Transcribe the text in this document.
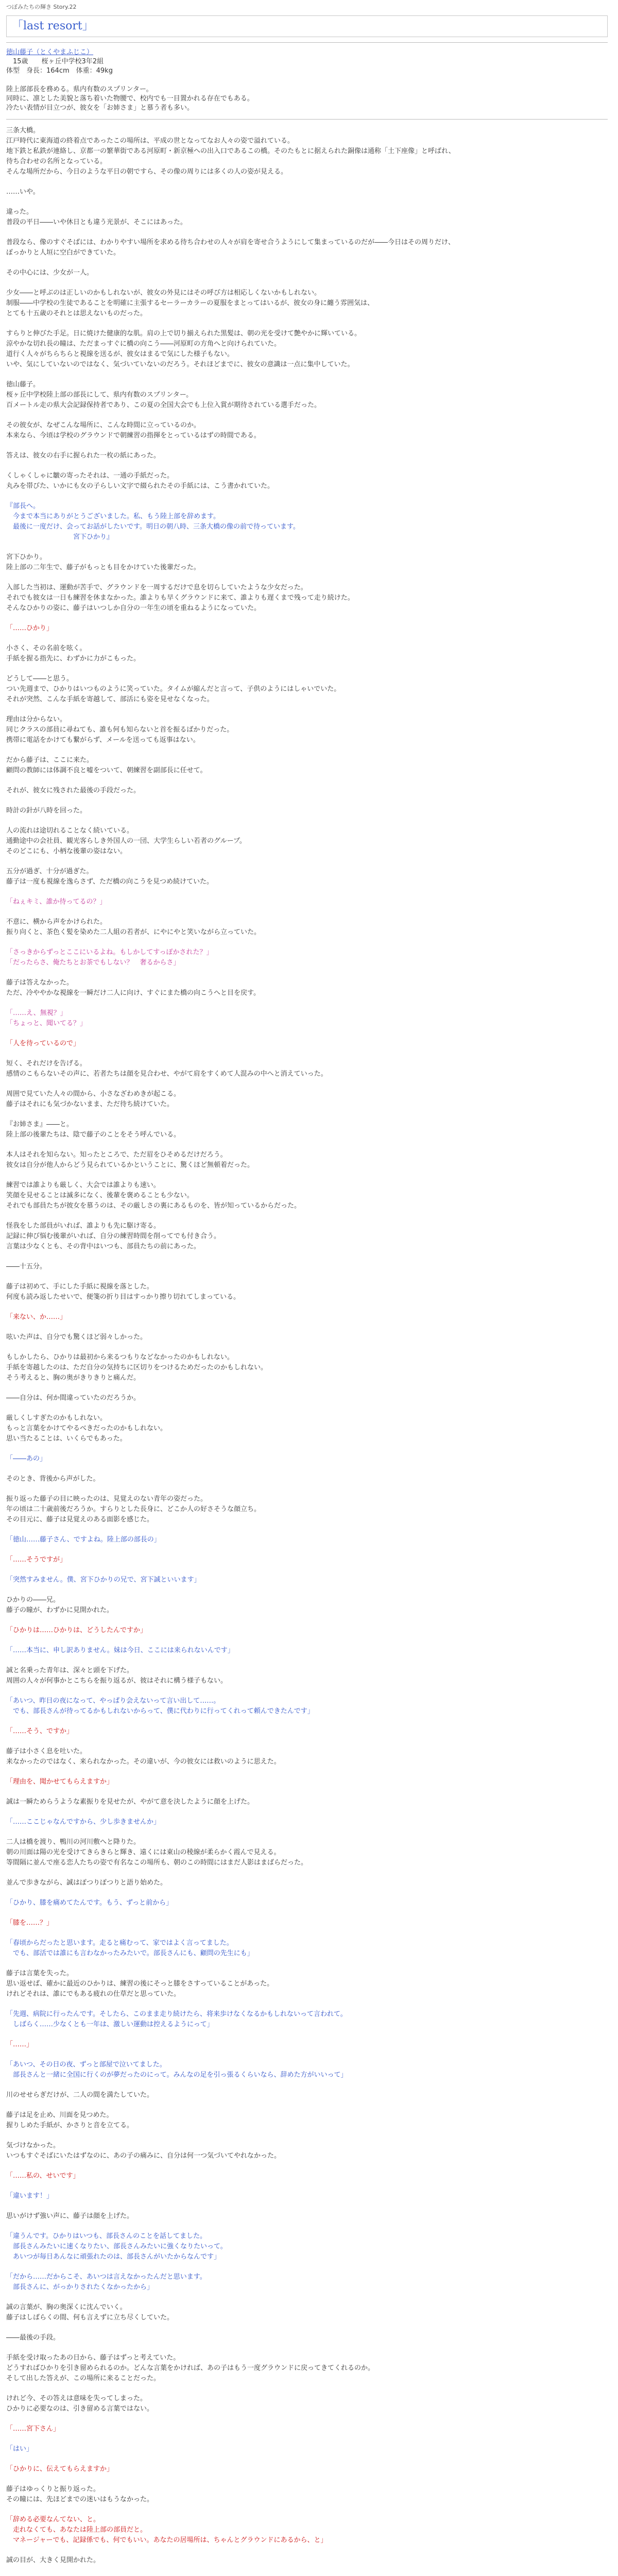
つぼみたちの輝き Story.22
「last resort」
徳山藤子（とくやまふじこ）
　15歳　　桜ヶ丘中学校3年2組
体型　身長：164cm　体重：49kg
陸上部部長を務める。県内有数のスプリンター。
同時に、凛とした美貌と落ち着いた物腰で、校内でも一目置かれる存在でもある。
冷たい表情が目立つが、彼女を「お姉さま」と慕う者も多い。

三条大橋。
江戸時代に東海道の終着点であったこの場所は、平成の世となってなお人々の姿で溢れている。
地下鉄と私鉄が連絡し、京都一の繁華街である河原町・新京極への出入口であるこの橋。そのたもとに据えられた銅像は通称「土下座像」と呼ばれ、
待ち合わせの名所となっている。
そんな場所だから、今日のような平日の朝ですら、その像の周りには多くの人の姿が見える。

……いや。

違った。
普段の平日――いや休日とも違う光景が、そこにはあった。

普段なら、像のすぐそばには、わかりやすい場所を求める待ち合わせの人々が肩を寄せ合うようにして集まっているのだが――今日はその周りだけ、
ぽっかりと人垣に空白ができていた。

その中心には、少女が一人。

少女――と呼ぶのは正しいのかもしれないが、彼女の外見にはその呼び方は相応しくないかもしれない。
制服――中学校の生徒であることを明確に主張するセーラーカラーの夏服をまとってはいるが、彼女の身に纏う雰囲気は、
とても十五歳のそれとは思えないものだった。

すらりと伸びた手足。日に焼けた健康的な肌。肩の上で切り揃えられた黒髪は、朝の光を受けて艶やかに輝いている。
涼やかな切れ長の瞳は、ただまっすぐに橋の向こう――河原町の方角へと向けられていた。
道行く人々がちらちらと視線を送るが、彼女はまるで気にした様子もない。
いや、気にしていないのではなく、気づいていないのだろう。それほどまでに、彼女の意識は一点に集中していた。

徳山藤子。
桜ヶ丘中学校陸上部の部長にして、県内有数のスプリンター。
百メートル走の県大会記録保持者であり、この夏の全国大会でも上位入賞が期待されている選手だった。

その彼女が、なぜこんな場所に、こんな時間に立っているのか。
本来なら、今頃は学校のグラウンドで朝練習の指揮をとっているはずの時間である。

答えは、彼女の右手に握られた一枚の紙にあった。

くしゃくしゃに皺の寄ったそれは、一通の手紙だった。
丸みを帯びた、いかにも女の子らしい文字で綴られたその手紙には、こう書かれていた。

『部長へ。
　今まで本当にありがとうございました。私、もう陸上部を辞めます。
　最後に一度だけ、会ってお話がしたいです。明日の朝八時、三条大橋の像の前で待っています。
　　　　　　　　　　宮下ひかり』

宮下ひかり。
陸上部の二年生で、藤子がもっとも目をかけていた後輩だった。

入部した当初は、運動が苦手で、グラウンドを一周するだけで息を切らしていたような少女だった。
それでも彼女は一日も練習を休まなかった。誰よりも早くグラウンドに来て、誰よりも遅くまで残って走り続けた。
そんなひかりの姿に、藤子はいつしか自分の一年生の頃を重ねるようになっていた。

「……ひかり」

小さく、その名前を呟く。
手紙を握る指先に、わずかに力がこもった。

どうして――と思う。
つい先週まで、ひかりはいつものように笑っていた。タイムが縮んだと言って、子供のようにはしゃいでいた。
それが突然、こんな手紙を寄越して、部活にも姿を見せなくなった。

理由は分からない。
同じクラスの部員に尋ねても、誰も何も知らないと首を振るばかりだった。
携帯に電話をかけても繋がらず、メールを送っても返事はない。

だから藤子は、ここに来た。
顧問の教師には体調不良と嘘をついて、朝練習を副部長に任せて。

それが、彼女に残された最後の手段だった。

時計の針が八時を回った。

人の流れは途切れることなく続いている。
通勤途中の会社員、観光客らしき外国人の一団、大学生らしい若者のグループ。
そのどこにも、小柄な後輩の姿はない。

五分が過ぎ、十分が過ぎた。
藤子は一度も視線を逸らさず、ただ橋の向こうを見つめ続けていた。

「ねぇキミ、誰か待ってるの？」

不意に、横から声をかけられた。
振り向くと、茶色く髪を染めた二人組の若者が、にやにやと笑いながら立っていた。

「さっきからずっとここにいるよね。もしかしてすっぽかされた？」
「だったらさ、俺たちとお茶でもしない？　奢るからさ」

藤子は答えなかった。
ただ、冷ややかな視線を一瞬だけ二人に向け、すぐにまた橋の向こうへと目を戻す。

「……え、無視？」
「ちょっと、聞いてる？」

「人を待っているので」

短く、それだけを告げる。
感情のこもらないその声に、若者たちは顔を見合わせ、やがて肩をすくめて人混みの中へと消えていった。

周囲で見ていた人々の間から、小さなざわめきが起こる。
藤子はそれにも気づかないまま、ただ待ち続けていた。

『お姉さま』――と。
陸上部の後輩たちは、陰で藤子のことをそう呼んでいる。

本人はそれを知らない。知ったところで、ただ眉をひそめるだけだろう。
彼女は自分が他人からどう見られているかということに、驚くほど無頓着だった。

練習では誰よりも厳しく、大会では誰よりも速い。
笑顔を見せることは滅多になく、後輩を褒めることも少ない。
それでも部員たちが彼女を慕うのは、その厳しさの裏にあるものを、皆が知っているからだった。

怪我をした部員がいれば、誰よりも先に駆け寄る。
記録に伸び悩む後輩がいれば、自分の練習時間を削ってでも付き合う。
言葉は少なくとも、その背中はいつも、部員たちの前にあった。

――十五分。

藤子は初めて、手にした手紙に視線を落とした。
何度も読み返したせいで、便箋の折り目はすっかり擦り切れてしまっている。

「来ない、か……」

呟いた声は、自分でも驚くほど弱々しかった。

もしかしたら、ひかりは最初から来るつもりなどなかったのかもしれない。
手紙を寄越したのは、ただ自分の気持ちに区切りをつけるためだったのかもしれない。
そう考えると、胸の奥がきりきりと痛んだ。

――自分は、何か間違っていたのだろうか。

厳しくしすぎたのかもしれない。
もっと言葉をかけてやるべきだったのかもしれない。
思い当たることは、いくらでもあった。

「――あの」

そのとき、背後から声がした。

振り返った藤子の目に映ったのは、見覚えのない青年の姿だった。
年の頃は二十歳前後だろうか。すらりとした長身に、どこか人の好さそうな顔立ち。
その目元に、藤子は見覚えのある面影を感じた。

「徳山……藤子さん、ですよね。陸上部の部長の」

「……そうですが」

「突然すみません。僕、宮下ひかりの兄で、宮下誠といいます」

ひかりの――兄。
藤子の瞳が、わずかに見開かれた。

「ひかりは……ひかりは、どうしたんですか」

「……本当に、申し訳ありません。妹は今日、ここには来られないんです」

誠と名乗った青年は、深々と頭を下げた。
周囲の人々が何事かとこちらを振り返るが、彼はそれに構う様子もない。

「あいつ、昨日の夜になって、やっぱり会えないって言い出して……。
　でも、部長さんが待ってるかもしれないからって、僕に代わりに行ってくれって頼んできたんです」

「……そう、ですか」

藤子は小さく息を吐いた。
来なかったのではなく、来られなかった。その違いが、今の彼女には救いのように思えた。

「理由を、聞かせてもらえますか」

誠は一瞬ためらうような素振りを見せたが、やがて意を決したように顔を上げた。

「……ここじゃなんですから、少し歩きませんか」

二人は橋を渡り、鴨川の河川敷へと降りた。
朝の川面は陽の光を受けてきらきらと輝き、遠くには東山の稜線が柔らかく霞んで見える。
等間隔に並んで座る恋人たちの姿で有名なこの場所も、朝のこの時間にはまだ人影はまばらだった。

並んで歩きながら、誠はぽつりぽつりと語り始めた。

「ひかり、膝を痛めてたんです。もう、ずっと前から」

「膝を……？」

「春頃からだったと思います。走ると痛むって、家ではよく言ってました。
　でも、部活では誰にも言わなかったみたいで。部長さんにも、顧問の先生にも」

藤子は言葉を失った。
思い返せば、確かに最近のひかりは、練習の後にそっと膝をさすっていることがあった。
けれどそれは、誰にでもある疲れの仕草だと思っていた。

「先週、病院に行ったんです。そしたら、このまま走り続けたら、将来歩けなくなるかもしれないって言われて。
　しばらく……少なくとも一年は、激しい運動は控えるようにって」

「……」

「あいつ、その日の夜、ずっと部屋で泣いてました。
　部長さんと一緒に全国に行くのが夢だったのにって。みんなの足を引っ張るくらいなら、辞めた方がいいって」

川のせせらぎだけが、二人の間を満たしていた。

藤子は足を止め、川面を見つめた。
握りしめた手紙が、かさりと音を立てる。

気づけなかった。
いつもすぐそばにいたはずなのに、あの子の痛みに、自分は何一つ気づいてやれなかった。

「……私の、せいです」

「違います！」

思いがけず強い声に、藤子は顔を上げた。

「違うんです。ひかりはいつも、部長さんのことを話してました。
　部長さんみたいに速くなりたい、部長さんみたいに強くなりたいって。
　あいつが毎日あんなに頑張れたのは、部長さんがいたからなんです」

「だから……だからこそ、あいつは言えなかったんだと思います。
　部長さんに、がっかりされたくなかったから」

誠の言葉が、胸の奥深くに沈んでいく。
藤子はしばらくの間、何も言えずに立ち尽くしていた。

――最後の手段。

手紙を受け取ったあの日から、藤子はずっと考えていた。
どうすればひかりを引き留められるのか。どんな言葉をかければ、あの子はもう一度グラウンドに戻ってきてくれるのか。
そして出した答えが、この場所に来ることだった。

けれど今、その答えは意味を失ってしまった。
ひかりに必要なのは、引き留める言葉ではない。

「……宮下さん」

「はい」

「ひかりに、伝えてもらえますか」

藤子はゆっくりと振り返った。
その瞳には、先ほどまでの迷いはもうなかった。

「辞める必要なんてない、と。
　走れなくても、あなたは陸上部の部員だと。
　マネージャーでも、記録係でも、何でもいい。あなたの居場所は、ちゃんとグラウンドにあるから、と」

誠の目が、大きく見開かれた。
